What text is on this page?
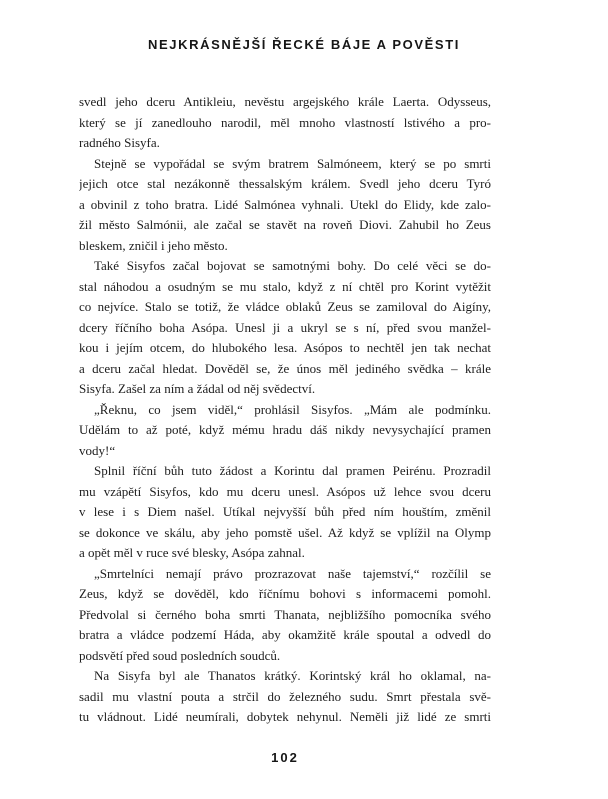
NEJKRÁSNĚJŠÍ ŘECKÉ BÁJE A POVĚSTI
svedl jeho dceru Antikleiu, nevěstu argejského krále Laerta. Odysseus,
který se jí zanedlouho narodil, měl mnoho vlastností lstivého a pro-
radného Sisyfa.
Stejně se vypořádal se svým bratrem Salmóneem, který se po smrti
jejich otce stal nezákonně thessalským králem. Svedl jeho dceru Tyró
a obvinil z toho bratra. Lidé Salmónea vyhnali. Utekl do Elidy, kde zalo-
žil město Salmónii, ale začal se stavět na roveň Diovi. Zahubil ho Zeus
bleskem, zničil i jeho město.
Také Sisyfos začal bojovat se samotnými bohy. Do celé věci se do-
stal náhodou a osudným se mu stalo, když z ní chtěl pro Korint vytěžit
co nejvíce. Stalo se totiž, že vládce oblaků Zeus se zamiloval do Aigíny,
dcery říčního boha Asópa. Unesl ji a ukryl se s ní, před svou manžel-
kou i jejím otcem, do hlubokého lesa. Asópos to nechtěl jen tak nechat
a dceru začal hledat. Dověděl se, že únos měl jediného svědka – krále
Sisyfa. Zašel za ním a žádal od něj svědectví.
„Řeknu, co jsem viděl,“ prohlásil Sisyfos. „Mám ale podmínku.
Udělám to až poté, když mému hradu dáš nikdy nevysychající pramen
vody!“
Splnil říční bůh tuto žádost a Korintu dal pramen Peirénu. Prozradil
mu vzápětí Sisyfos, kdo mu dceru unesl. Asópos už lehce svou dceru
v lese i s Diem našel. Utíkal nejvyšší bůh před ním houštím, změnil
se dokonce ve skálu, aby jeho pomstě ušel. Až když se vplížil na Olymp
a opět měl v ruce své blesky, Asópa zahnal.
„Smrtelníci nemají právo prozrazovat naše tajemství,“ rozčílil se
Zeus, když se dověděl, kdo říčnímu bohovi s informacemi pomohl.
Předvolal si černého boha smrti Thanata, nejbližšího pomocníka svého
bratra a vládce podzemí Háda, aby okamžitě krále spoutal a odvedl do
podsvětí před soud posledních soudců.
Na Sisyfa byl ale Thanatos krátký. Korintský král ho oklamal, na-
sadil mu vlastní pouta a strčil do železného sudu. Smrt přestala svě-
tu vládnout. Lidé neumírali, dobytek nehynul. Neměli již lidé ze smrti
102
